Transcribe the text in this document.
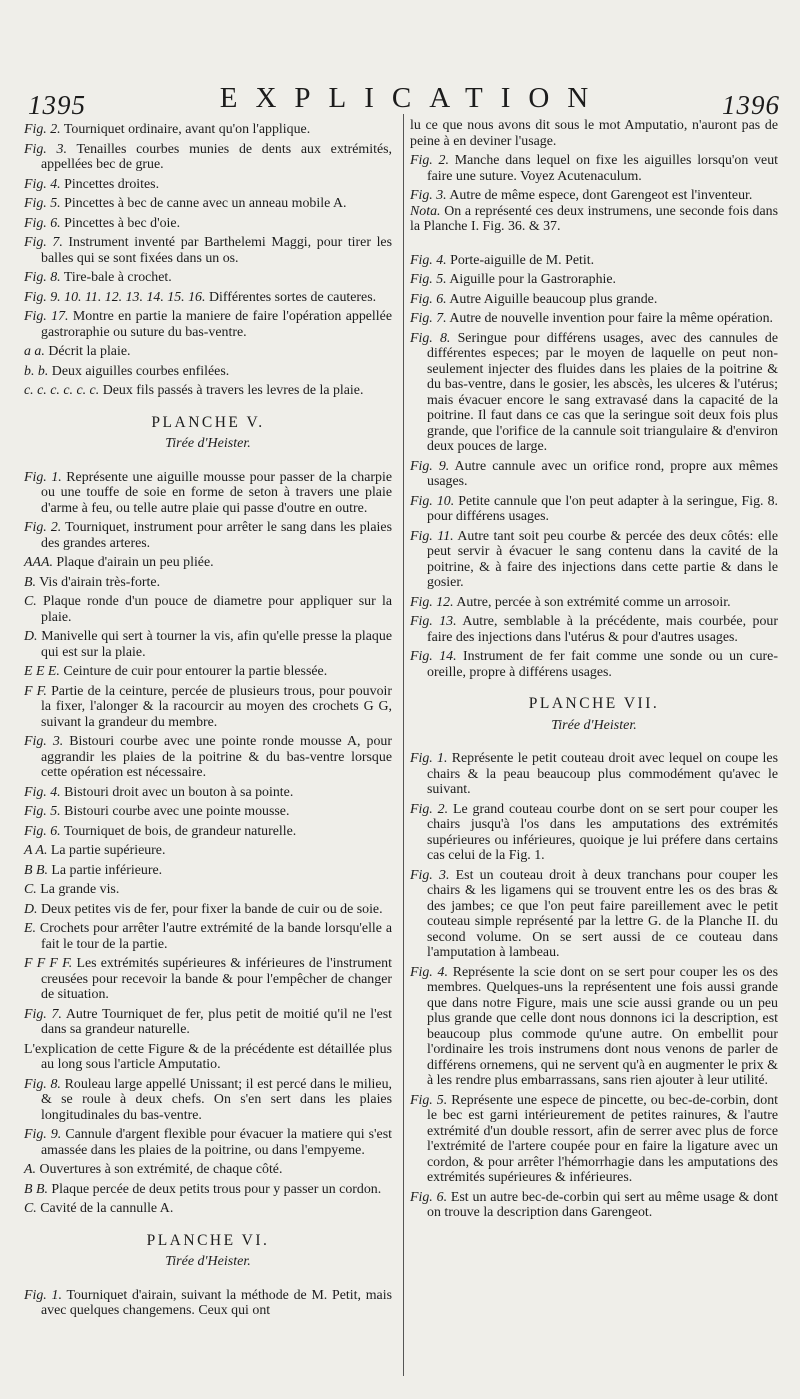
1395	EXPLICATION	1396

Fig. 2. Tourniquet ordinaire, avant qu'on l'applique.

Fig. 3. Tenailles courbes munies de dents aux extrémités, appellées bec de grue.

Fig. 4. Pincettes droites.

Fig. 5. Pincettes à bec de canne avec un anneau mobile A.

Fig. 6. Pincettes à bec d'oie.

Fig. 7. Instrument inventé par Barthelemi Maggi, pour tirer les balles qui se sont fixées dans un os.

Fig. 8. Tire-bale à crochet.

Fig. 9. 10. 11. 12. 13. 14. 15. 16. Différentes sortes de cauteres.

Fig. 17. Montre en partie la maniere de faire l'opération appellée gastroraphie ou suture du bas-ventre.

a a. Décrit la plaie.

b. b. Deux aiguilles courbes enfilées.

c. c. c. c. c. c. Deux fils passés à travers les levres de la plaie.

PLANCHE V.
Tirée d'Heister.

Fig. 1. Représente une aiguille mousse pour passer de la charpie ou une touffe de soie en forme de seton à travers une plaie d'arme à feu, ou telle autre plaie qui passe d'outre en outre.

Fig. 2. Tourniquet, instrument pour arrêter le sang dans les plaies des grandes arteres.

AAA. Plaque d'airain un peu pliée.

B. Vis d'airain très-forte.

C. Plaque ronde d'un pouce de diametre pour appliquer sur la plaie.

D. Manivelle qui sert à tourner la vis, afin qu'elle presse la plaque qui est sur la plaie.

E E E. Ceinture de cuir pour entourer la partie blessée.

F F. Partie de la ceinture, percée de plusieurs trous, pour pouvoir la fixer, l'alonger & la racourcir au moyen des crochets G G, suivant la grandeur du membre.

Fig. 3. Bistouri courbe avec une pointe ronde mousse A, pour aggrandir les plaies de la poitrine & du bas-ventre lorsque cette opération est nécessaire.

Fig. 4. Bistouri droit avec un bouton à sa pointe.

Fig. 5. Bistouri courbe avec une pointe mousse.

Fig. 6. Tourniquet de bois, de grandeur naturelle.

A A. La partie supérieure.

B B. La partie inférieure.

C. La grande vis.

D. Deux petites vis de fer, pour fixer la bande de cuir ou de soie.

E. Crochets pour arrêter l'autre extrémité de la bande lorsqu'elle a fait le tour de la partie.

F F F F. Les extrémités supérieures & inférieures de l'instrument creusées pour recevoir la bande & pour l'empêcher de changer de situation.

Fig. 7. Autre Tourniquet de fer, plus petit de moitié qu'il ne l'est dans sa grandeur naturelle.

L'explication de cette Figure & de la précédente est détaillée plus au long sous l'article Amputatio.

Fig. 8. Rouleau large appellé Unissant; il est percé dans le milieu, & se roule à deux chefs. On s'en sert dans les plaies longitudinales du bas-ventre.

Fig. 9. Cannule d'argent flexible pour évacuer la matiere qui s'est amassée dans les plaies de la poitrine, ou dans l'empyeme.

A. Ouvertures à son extrémité, de chaque côté.

B B. Plaque percée de deux petits trous pour y passer un cordon.

C. Cavité de la cannulle A.

PLANCHE VI.
Tirée d'Heister.

Fig. 1. Tourniquet d'airain, suivant la méthode de M. Petit, mais avec quelques changemens. Ceux qui ont

lu ce que nous avons dit sous le mot Amputatio, n'auront pas de peine à en deviner l'usage.

Fig. 2. Manche dans lequel on fixe les aiguilles lorsqu'on veut faire une suture. Voyez Acutenaculum.

Fig. 3. Autre de même espece, dont Garengeot est l'inventeur.

Nota. On a représenté ces deux instrumens, une seconde fois dans la Planche I. Fig. 36. & 37.

Fig. 4. Porte-aiguille de M. Petit.

Fig. 5. Aiguille pour la Gastroraphie.

Fig. 6. Autre Aiguille beaucoup plus grande.

Fig. 7. Autre de nouvelle invention pour faire la même opération.

Fig. 8. Seringue pour différens usages, avec des cannules de différentes especes; par le moyen de laquelle on peut non-seulement injecter des fluides dans les plaies de la poitrine & du bas-ventre, dans le gosier, les abscès, les ulceres & l'utérus; mais évacuer encore le sang extravasé dans la capacité de la poitrine. Il faut dans ce cas que la seringue soit deux fois plus grande, que l'orifice de la cannule soit triangulaire & d'environ deux pouces de large.

Fig. 9. Autre cannule avec un orifice rond, propre aux mêmes usages.

Fig. 10. Petite cannule que l'on peut adapter à la seringue, Fig. 8. pour différens usages.

Fig. 11. Autre tant soit peu courbe & percée des deux côtés: elle peut servir à évacuer le sang contenu dans la cavité de la poitrine, & à faire des injections dans cette partie & dans le gosier.

Fig. 12. Autre, percée à son extrémité comme un arrosoir.

Fig. 13. Autre, semblable à la précédente, mais courbée, pour faire des injections dans l'utérus & pour d'autres usages.

Fig. 14. Instrument de fer fait comme une sonde ou un cure-oreille, propre à différens usages.

PLANCHE VII.
Tirée d'Heister.

Fig. 1. Représente le petit couteau droit avec lequel on coupe les chairs & la peau beaucoup plus commodément qu'avec le suivant.

Fig. 2. Le grand couteau courbe dont on se sert pour couper les chairs jusqu'à l'os dans les amputations des extrémités supérieures ou inférieures, quoique je lui préfere dans certains cas celui de la Fig. 1.

Fig. 3. Est un couteau droit à deux tranchans pour couper les chairs & les ligamens qui se trouvent entre les os des bras & des jambes; ce que l'on peut faire pareillement avec le petit couteau simple représenté par la lettre G. de la Planche II. du second volume. On se sert aussi de ce couteau dans l'amputation à lambeau.

Fig. 4. Représente la scie dont on se sert pour couper les os des membres. Quelques-uns la représentent une fois aussi grande que dans notre Figure, mais une scie aussi grande ou un peu plus grande que celle dont nous donnons ici la description, est beaucoup plus commode qu'une autre. On embellit pour l'ordinaire les trois instrumens dont nous venons de parler de différens ornemens, qui ne servent qu'à en augmenter le prix & à les rendre plus embarrassans, sans rien ajouter à leur utilité.

Fig. 5. Représente une espece de pincette, ou bec-de-corbin, dont le bec est garni intérieurement de petites rainures, & l'autre extrémité d'un double ressort, afin de serrer avec plus de force l'extrémité de l'artere coupée pour en faire la ligature avec un cordon, & pour arrêter l'hémorrhagie dans les amputations des extrémités supérieures & inférieures.

Fig. 6. Est un autre bec-de-corbin qui sert au même usage & dont on trouve la description dans Garengeot.
